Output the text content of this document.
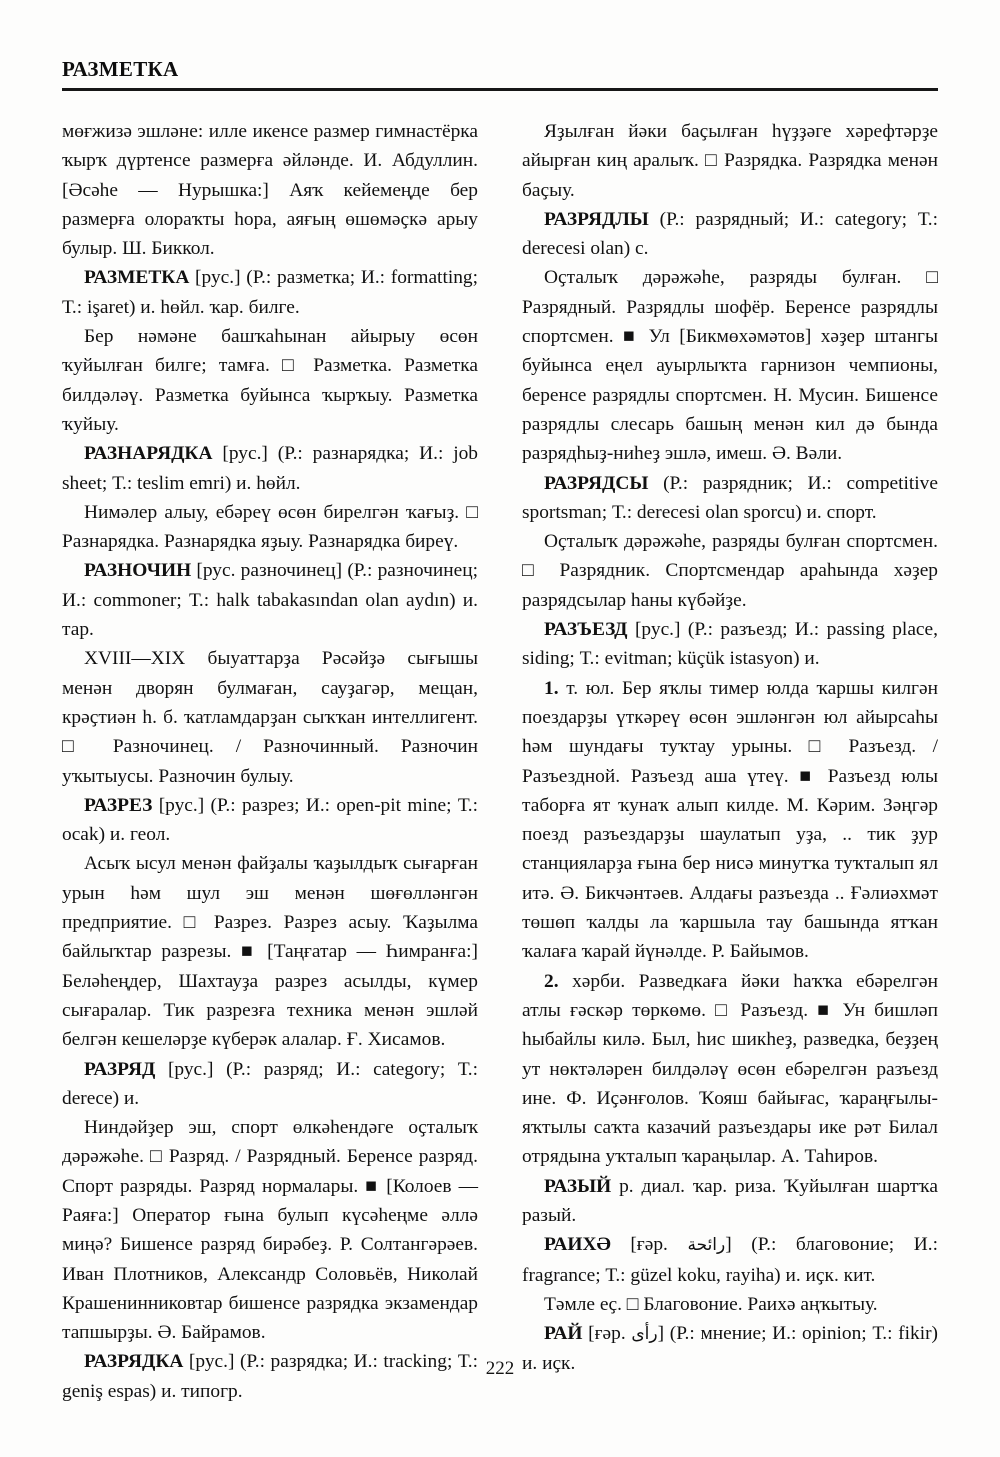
РАЗМЕТКА

мөғжизә эшләне: илле икенсе размер гимнастёрка ҡырҡ дүртенсе размерға әйләнде. И. Абдуллин. [Әсәһе — Нурышка:] Аяҡ кейемеңде бер размерға олораҡты һора, аяғың өшөмәҫкә арыу булыр. Ш. Биккол.

РАЗМЕТКА [рус.] (Р.: разметка; И.: formatting; Т.: işaret) и. һөйл. ҡар. билге.

Бер нәмәне башҡаһынан айырыу өсөн ҡуйылған билге; тамға. □ Разметка. Разметка билдәләү. Разметка буйынса ҡырҡыу. Разметка ҡуйыу.

РАЗНАРЯДКА [рус.] (Р.: разнарядка; И.: job sheet; Т.: teslim emri) и. һөйл.

Нимәлер алыу, ебәреү өсөн бирелгән ҡағыҙ. □ Разнарядка. Разнарядка яҙыу. Разнарядка биреү.

РАЗНОЧИН [рус. разночинец] (Р.: разночинец; И.: commoner; Т.: halk tabakasından olan aydın) и. тар.

XVIII—XIX быуаттарҙа Рәсәйҙә сығышы менән дворян булмаған, сауҙагәр, мещан, крәҫтиән һ. б. ҡатламдарҙан сыҡҡан интеллигент. □ Разночинец. / Разночинный. Разночин уҡытыусы. Разночин булыу.

РАЗРЕЗ [рус.] (Р.: разрез; И.: open-pit mine; Т.: ocak) и. геол.

Асыҡ ысул менән файҙалы ҡаҙылдыҡ сығарған урын һәм шул эш менән шөғөлләнгән предприятие. □ Разрез. Разрез асыу. Ҡаҙылма байлыҡтар разрезы. ■ [Таңғатар — Һимранға:] Беләһеңдер, Шахтауҙа разрез асылды, күмер сығаралар. Тик разрезға техника менән эшләй белгән кешеләрҙе күберәк алалар. Ғ. Хисамов.

РАЗРЯД [рус.] (Р.: разряд; И.: category; Т.: derece) и.

Ниндәйҙер эш, спорт өлкәһендәге оҫталыҡ дәрәжәһе. □ Разряд. / Разрядный. Беренсе разряд. Спорт разряды. Разряд нормалары. ■ [Колоев — Раяға:] Оператор ғына булып күсәһеңме әллә миңә? Бишенсе разряд бирәбеҙ. Р. Солтангәрәев. Иван Плотников, Александр Соловьёв, Николай Крашенинниковтар бишенсе разрядка экзамендар тапшырҙы. Ә. Байрамов.

РАЗРЯДКА [рус.] (Р.: разрядка; И.: tracking; Т.: geniş espas) и. типогр.

Яҙылған йәки баҫылған һүҙҙәге хәрефтәрҙе айырған киң аралыҡ. □ Разрядка. Разрядка менән баҫыу.

РАЗРЯДЛЫ (Р.: разрядный; И.: category; Т.: derecesi olan) с.

Оҫталыҡ дәрәжәһе, разряды булған. □ Разрядный. Разрядлы шофёр. Беренсе разрядлы спортсмен. ■ Ул [Бикмөхәмәтов] хәҙер штангы буйынса еңел ауырлыҡта гарнизон чемпионы, беренсе разрядлы спортсмен. Н. Мусин. Бишенсе разрядлы слесарь башың менән кил дә бында разрядһыҙ-ниһеҙ эшлә, имеш. Ә. Вәли.

РАЗРЯДСЫ (Р.: разрядник; И.: competitive sportsman; Т.: derecesi olan sporcu) и. спорт.

Оҫталыҡ дәрәжәһе, разряды булған спортсмен. □ Разрядник. Спортсмендар араһында хәҙер разрядсылар һаны күбәйҙе.

РАЗЪЕЗД [рус.] (Р.: разъезд; И.: passing place, siding; Т.: evitman; küçük istasyon) и.

1. т. юл. Бер яҡлы тимер юлда ҡаршы килгән поездарҙы үткәреү өсөн эшләнгән юл айырсаһы һәм шундағы туҡтау урыны. □ Разъезд. / Разъездной. Разъезд аша үтеү. ■ Разъезд юлы таборға ят ҡунаҡ алып килде. М. Кәрим. Зәңгәр поезд разъездарҙы шаулатып уҙа, .. тик ҙур станцияларҙа ғына бер нисә минутҡа туҡталып ял итә. Ә. Бикчәнтәев. Алдағы разъезда .. Ғәлиәхмәт төшөп ҡалды ла ҡаршыла тау башында ятҡан ҡалаға ҡарай йүнәлде. Р. Байымов.

2. хәрби. Разведкаға йәки һаҡҡа ебәрелгән атлы ғәскәр төркөмө. □ Разъезд. ■ Ун бишләп һыбайлы килә. Был, һис шикһеҙ, разведка, беҙҙең ут нөктәләрен билдәләү өсөн ебәрелгән разъезд ине. Ф. Иҫәнғолов. Ҡояш байығас, ҡараңғылы-яҡтылы саҡта казачий разъездары ике рәт Билал отрядына уҡталып ҡараңылар. А. Таһиров.

РАЗЫЙ р. диал. ҡар. риза. Ҡуйылған шартҡа разый.

РАИХӘ [ғәр. رائحة] (Р.: благовоние; И.: fragrance; Т.: güzel koku, rayiha) и. иҫк. кит.

Тәмле еҫ. □ Благовоние. Раихә аңҡытыу.

РАЙ [ғәр. رأى] (Р.: мнение; И.: opinion; Т.: fikir) и. иҫк.

222
